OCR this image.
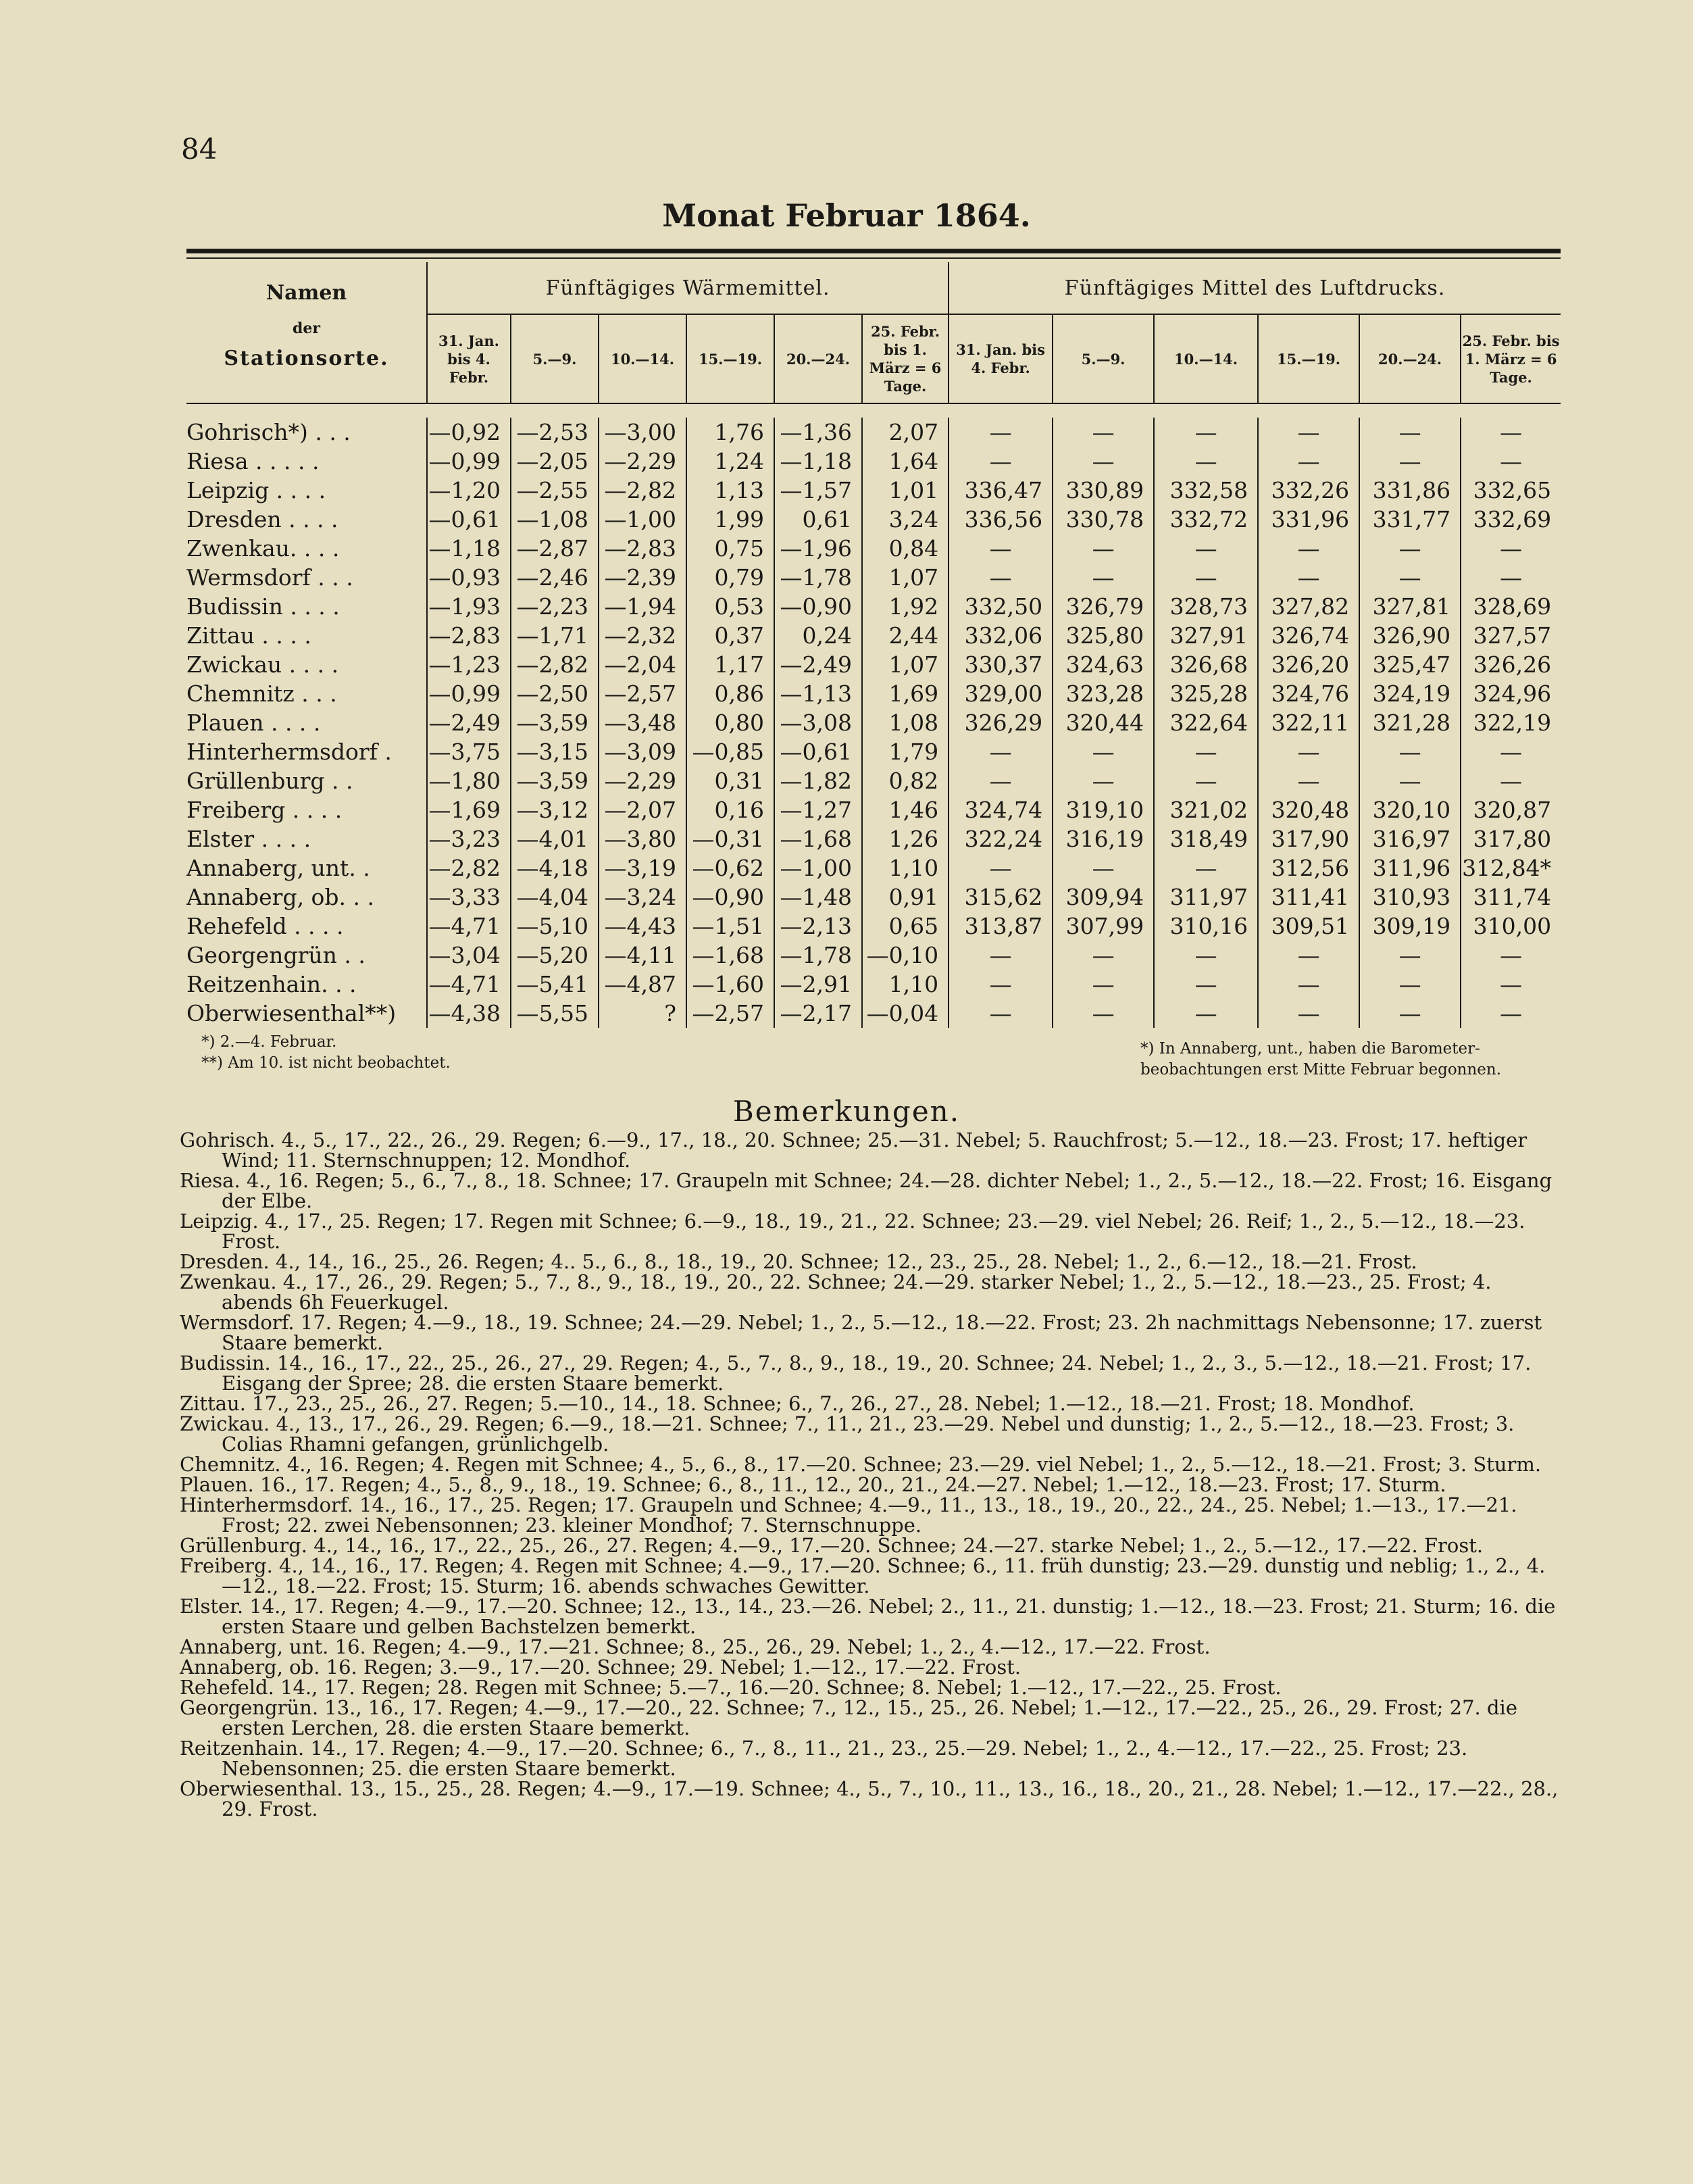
84
Monat Februar 1864.
Namen
der
Stationsorte.	Fünftägiges Wärmemittel.						Fünftägiges Mittel des Luftdrucks.					
	31. Jan. bis 4. Febr.	5.—9.	10.—14.	15.—19.	20.—24.	25. Febr. bis 1. März = 6 Tage.	31. Jan. bis 4. Febr.	5.—9.	10.—14.	15.—19.	20.—24.	25. Febr. bis 1. März = 6 Tage.

Gohrisch*) . . .	—0,92	—2,53	—3,00	1,76	—1,36	2,07	—	—	—	—	—	—
Riesa . . . . .	—0,99	—2,05	—2,29	1,24	—1,18	1,64	—	—	—	—	—	—
Leipzig . . . .	—1,20	—2,55	—2,82	1,13	—1,57	1,01	336,47	330,89	332,58	332,26	331,86	332,65
Dresden . . . .	—0,61	—1,08	—1,00	1,99	0,61	3,24	336,56	330,78	332,72	331,96	331,77	332,69
Zwenkau. . . .	—1,18	—2,87	—2,83	0,75	—1,96	0,84	—	—	—	—	—	—
Wermsdorf . . .	—0,93	—2,46	—2,39	0,79	—1,78	1,07	—	—	—	—	—	—
Budissin . . . .	—1,93	—2,23	—1,94	0,53	—0,90	1,92	332,50	326,79	328,73	327,82	327,81	328,69
Zittau . . . .	—2,83	—1,71	—2,32	0,37	0,24	2,44	332,06	325,80	327,91	326,74	326,90	327,57
Zwickau . . . .	—1,23	—2,82	—2,04	1,17	—2,49	1,07	330,37	324,63	326,68	326,20	325,47	326,26
Chemnitz . . .	—0,99	—2,50	—2,57	0,86	—1,13	1,69	329,00	323,28	325,28	324,76	324,19	324,96
Plauen . . . .	—2,49	—3,59	—3,48	0,80	—3,08	1,08	326,29	320,44	322,64	322,11	321,28	322,19
Hinterhermsdorf .	—3,75	—3,15	—3,09	—0,85	—0,61	1,79	—	—	—	—	—	—
Grüllenburg . .	—1,80	—3,59	—2,29	0,31	—1,82	0,82	—	—	—	—	—	—
Freiberg . . . .	—1,69	—3,12	—2,07	0,16	—1,27	1,46	324,74	319,10	321,02	320,48	320,10	320,87
Elster . . . .	—3,23	—4,01	—3,80	—0,31	—1,68	1,26	322,24	316,19	318,49	317,90	316,97	317,80
Annaberg, unt. .	—2,82	—4,18	—3,19	—0,62	—1,00	1,10	—	—	—	312,56	311,96	312,84*
Annaberg, ob. . .	—3,33	—4,04	—3,24	—0,90	—1,48	0,91	315,62	309,94	311,97	311,41	310,93	311,74
Rehefeld . . . .	—4,71	—5,10	—4,43	—1,51	—2,13	0,65	313,87	307,99	310,16	309,51	309,19	310,00
Georgengrün . .	—3,04	—5,20	—4,11	—1,68	—1,78	—0,10	—	—	—	—	—	—
Reitzenhain. . .	—4,71	—5,41	—4,87	—1,60	—2,91	1,10	—	—	—	—	—	—
Oberwiesenthal**)	—4,38	—5,55	?	—2,57	—2,17	—0,04	—	—	—	—	—	—
*) 2.—4. Februar.
**) Am 10. ist nicht beobachtet.
*) In Annaberg, unt., haben die Barometer-
beobachtungen erst Mitte Februar begonnen.
Bemerkungen.

Gohrisch. 4., 5., 17., 22., 26., 29. Regen; 6.—9., 17., 18., 20. Schnee; 25.—31. Nebel; 5. Rauchfrost; 5.—12., 18.—23. Frost; 17. heftiger Wind; 11. Sternschnuppen; 12. Mondhof.

Riesa. 4., 16. Regen; 5., 6., 7., 8., 18. Schnee; 17. Graupeln mit Schnee; 24.—28. dichter Nebel; 1., 2., 5.—12., 18.—22. Frost; 16. Eisgang der Elbe.

Leipzig. 4., 17., 25. Regen; 17. Regen mit Schnee; 6.—9., 18., 19., 21., 22. Schnee; 23.—29. viel Nebel; 26. Reif; 1., 2., 5.—12., 18.—23. Frost.

Dresden. 4., 14., 16., 25., 26. Regen; 4.. 5., 6., 8., 18., 19., 20. Schnee; 12., 23., 25., 28. Nebel; 1., 2., 6.—12., 18.—21. Frost.

Zwenkau. 4., 17., 26., 29. Regen; 5., 7., 8., 9., 18., 19., 20., 22. Schnee; 24.—29. starker Nebel; 1., 2., 5.—12., 18.—23., 25. Frost; 4. abends 6h Feuerkugel.

Wermsdorf. 17. Regen; 4.—9., 18., 19. Schnee; 24.—29. Nebel; 1., 2., 5.—12., 18.—22. Frost; 23. 2h nachmittags Nebensonne; 17. zuerst Staare bemerkt.

Budissin. 14., 16., 17., 22., 25., 26., 27., 29. Regen; 4., 5., 7., 8., 9., 18., 19., 20. Schnee; 24. Nebel; 1., 2., 3., 5.—12., 18.—21. Frost; 17. Eisgang der Spree; 28. die ersten Staare bemerkt.

Zittau. 17., 23., 25., 26., 27. Regen; 5.—10., 14., 18. Schnee; 6., 7., 26., 27., 28. Nebel; 1.—12., 18.—21. Frost; 18. Mondhof.

Zwickau. 4., 13., 17., 26., 29. Regen; 6.—9., 18.—21. Schnee; 7., 11., 21., 23.—29. Nebel und dunstig; 1., 2., 5.—12., 18.—23. Frost; 3. Colias Rhamni gefangen, grünlichgelb.

Chemnitz. 4., 16. Regen; 4. Regen mit Schnee; 4., 5., 6., 8., 17.—20. Schnee; 23.—29. viel Nebel; 1., 2., 5.—12., 18.—21. Frost; 3. Sturm.

Plauen. 16., 17. Regen; 4., 5., 8., 9., 18., 19. Schnee; 6., 8., 11., 12., 20., 21., 24.—27. Nebel; 1.—12., 18.—23. Frost; 17. Sturm.

Hinterhermsdorf. 14., 16., 17., 25. Regen; 17. Graupeln und Schnee; 4.—9., 11., 13., 18., 19., 20., 22., 24., 25. Nebel; 1.—13., 17.—21. Frost; 22. zwei Nebensonnen; 23. kleiner Mondhof; 7. Sternschnuppe.

Grüllenburg. 4., 14., 16., 17., 22., 25., 26., 27. Regen; 4.—9., 17.—20. Schnee; 24.—27. starke Nebel; 1., 2., 5.—12., 17.—22. Frost.

Freiberg. 4., 14., 16., 17. Regen; 4. Regen mit Schnee; 4.—9., 17.—20. Schnee; 6., 11. früh dunstig; 23.—29. dunstig und neblig; 1., 2., 4.—12., 18.—22. Frost; 15. Sturm; 16. abends schwaches Gewitter.

Elster. 14., 17. Regen; 4.—9., 17.—20. Schnee; 12., 13., 14., 23.—26. Nebel; 2., 11., 21. dunstig; 1.—12., 18.—23. Frost; 21. Sturm; 16. die ersten Staare und gelben Bachstelzen bemerkt.

Annaberg, unt. 16. Regen; 4.—9., 17.—21. Schnee; 8., 25., 26., 29. Nebel; 1., 2., 4.—12., 17.—22. Frost.

Annaberg, ob. 16. Regen; 3.—9., 17.—20. Schnee; 29. Nebel; 1.—12., 17.—22. Frost.

Rehefeld. 14., 17. Regen; 28. Regen mit Schnee; 5.—7., 16.—20. Schnee; 8. Nebel; 1.—12., 17.—22., 25. Frost.

Georgengrün. 13., 16., 17. Regen; 4.—9., 17.—20., 22. Schnee; 7., 12., 15., 25., 26. Nebel; 1.—12., 17.—22., 25., 26., 29. Frost; 27. die ersten Lerchen, 28. die ersten Staare bemerkt.

Reitzenhain. 14., 17. Regen; 4.—9., 17.—20. Schnee; 6., 7., 8., 11., 21., 23., 25.—29. Nebel; 1., 2., 4.—12., 17.—22., 25. Frost; 23. Nebensonnen; 25. die ersten Staare bemerkt.

Oberwiesenthal. 13., 15., 25., 28. Regen; 4.—9., 17.—19. Schnee; 4., 5., 7., 10., 11., 13., 16., 18., 20., 21., 28. Nebel; 1.—12., 17.—22., 28., 29. Frost.
